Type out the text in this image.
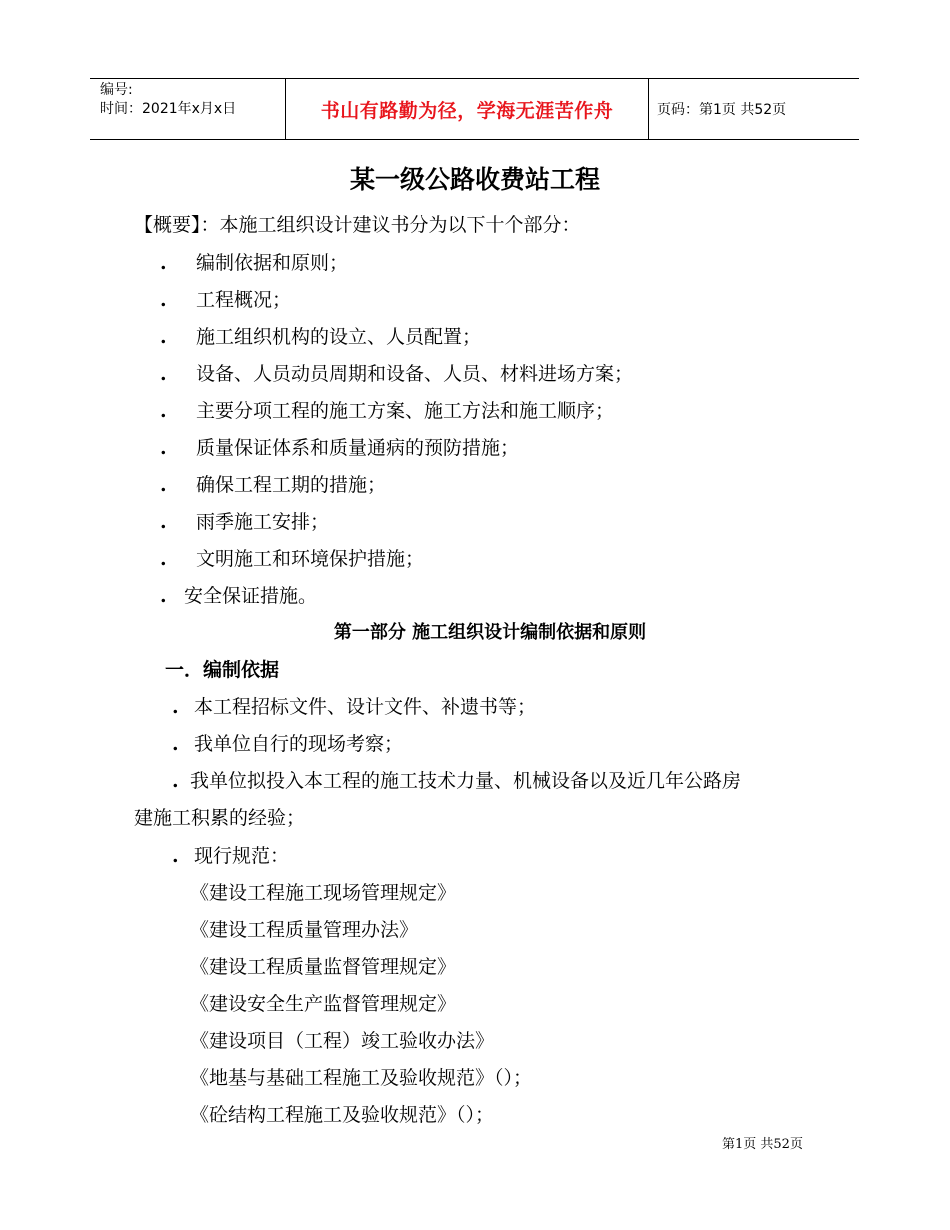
编号:
时间：2021年x月x日	书山有路勤为径，学海无涯苦作舟	页码：第1页 共52页
某一级公路收费站工程
【概要】：本施工组织设计建议书分为以下十个部分：
. 编制依据和原则；
. 工程概况；
. 施工组织机构的设立、人员配置；
. 设备、人员动员周期和设备、人员、材料进场方案；
. 主要分项工程的施工方案、施工方法和施工顺序；
. 质量保证体系和质量通病的预防措施；
. 确保工程工期的措施；
. 雨季施工安排；
. 文明施工和环境保护措施；
. 安全保证措施。
第一部分 施工组织设计编制依据和原则
一．编制依据
. 本工程招标文件、设计文件、补遗书等；
. 我单位自行的现场考察；
. 我单位拟投入本工程的施工技术力量、机械设备以及近几年公路房
建施工积累的经验；
. 现行规范：
《建设工程施工现场管理规定》
《建设工程质量管理办法》
《建设工程质量监督管理规定》
《建设安全生产监督管理规定》
《建设项目（工程）竣工验收办法》
《地基与基础工程施工及验收规范》（）；
《砼结构工程施工及验收规范》（）；
第1页 共52页
